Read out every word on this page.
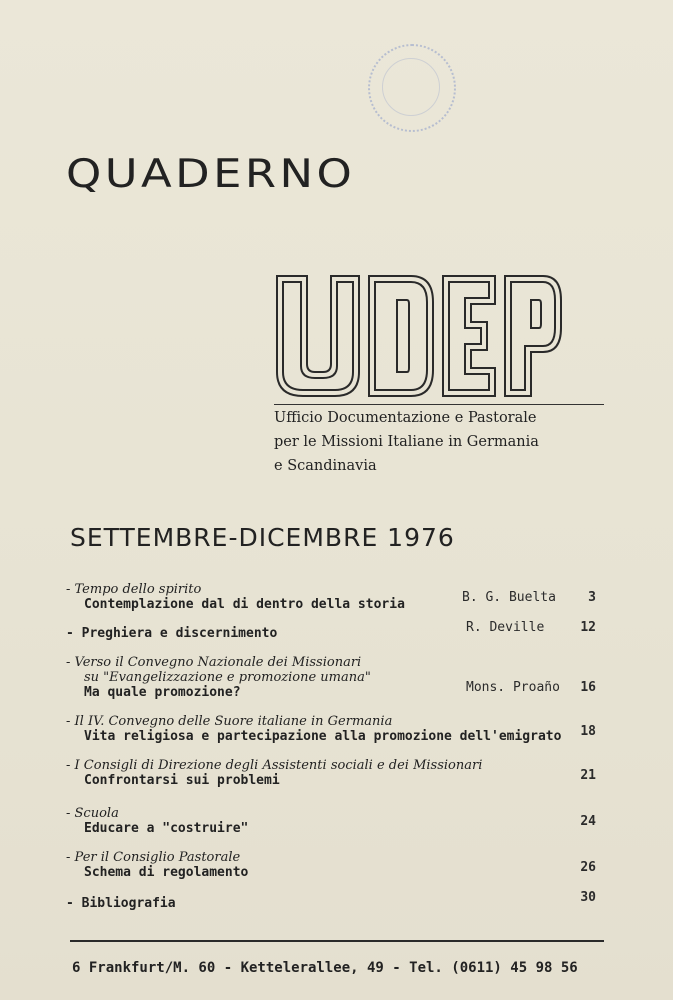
QUADERNO
Ufficio Documentazione e Pastorale
per le Missioni Italiane in Germania
e Scandinavia
SETTEMBRE-DICEMBRE 1976
- Tempo dello spirito
Contemplazione dal di dentro della storia	B. G. Buelta	3
- Preghiera e discernimento	R. Deville	12
- Verso il Convegno Nazionale dei Missionari
su "Evangelizzazione e promozione umana"
Ma quale promozione?	Mons. Proaño	16
- Il IV. Convegno delle Suore italiane in Germania
Vita religiosa e partecipazione alla promozione dell'emigrato	18
- I Consigli di Direzione degli Assistenti sociali e dei Missionari
Confrontarsi sui problemi	21
- Scuola
Educare a "costruire"	24
- Per il Consiglio Pastorale
Schema di regolamento	26
- Bibliografia	30
6 Frankfurt/M. 60 - Kettelerallee, 49 - Tel. (0611) 45 98 56
